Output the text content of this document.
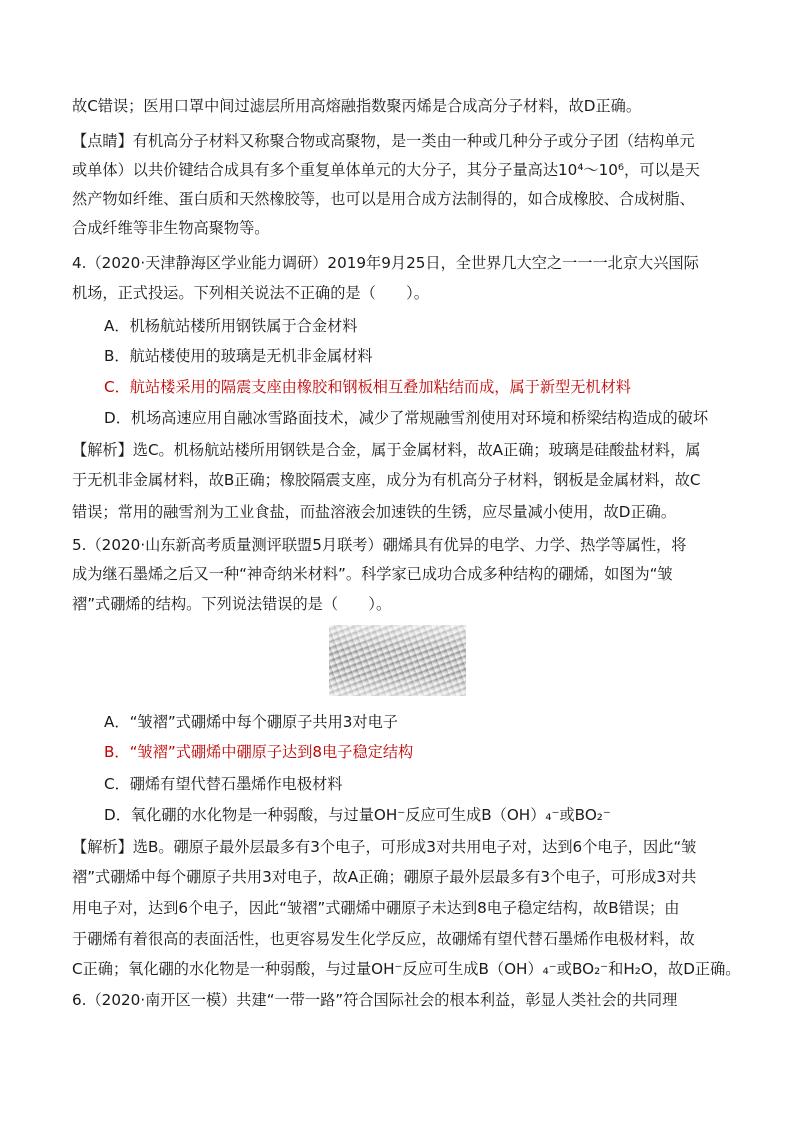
故C错误；医用口罩中间过滤层所用高熔融指数聚丙烯是合成高分子材料，故D正确。
【点睛】有机高分子材料又称聚合物或高聚物，是一类由一种或几种分子或分子团（结构单元
或单体）以共价键结合成具有多个重复单体单元的大分子，其分子量高达10⁴～10⁶，可以是天
然产物如纤维、蛋白质和天然橡胶等，也可以是用合成方法制得的，如合成橡胶、合成树脂、
合成纤维等非生物高聚物等。
4.（2020·天津静海区学业能力调研）2019年9月25日，全世界几大空之一一一北京大兴国际
机场，正式投运。下列相关说法不正确的是（　　）。
A．机杨航站楼所用钢铁属于合金材料
B．航站楼使用的玻璃是无机非金属材料
C．航站楼采用的隔震支座由橡胶和钢板相互叠加粘结而成，属于新型无机材料
D．机场高速应用自融冰雪路面技术，减少了常规融雪剂使用对环境和桥梁结构造成的破坏
【解析】选C。机杨航站楼所用钢铁是合金，属于金属材料，故A正确；玻璃是硅酸盐材料，属
于无机非金属材料，故B正确；橡胶隔震支座，成分为有机高分子材料，钢板是金属材料，故C
错误；常用的融雪剂为工业食盐，而盐溶液会加速铁的生锈，应尽量减小使用，故D正确。
5.（2020·山东新高考质量测评联盟5月联考）硼烯具有优异的电学、力学、热学等属性，将
成为继石墨烯之后又一种“神奇纳米材料”。科学家已成功合成多种结构的硼烯，如图为“皱
褶”式硼烯的结构。下列说法错误的是（　　）。
A．“皱褶”式硼烯中每个硼原子共用3对电子
B．“皱褶”式硼烯中硼原子达到8电子稳定结构
C．硼烯有望代替石墨烯作电极材料
D．氧化硼的水化物是一种弱酸，与过量OH⁻反应可生成B（OH）₄⁻或BO₂⁻
【解析】选B。硼原子最外层最多有3个电子，可形成3对共用电子对，达到6个电子，因此“皱
褶”式硼烯中每个硼原子共用3对电子，故A正确；硼原子最外层最多有3个电子，可形成3对共
用电子对，达到6个电子，因此“皱褶”式硼烯中硼原子未达到8电子稳定结构，故B错误；由
于硼烯有着很高的表面活性，也更容易发生化学反应，故硼烯有望代替石墨烯作电极材料，故
C正确；氧化硼的水化物是一种弱酸，与过量OH⁻反应可生成B（OH）₄⁻或BO₂⁻和H₂O，故D正确。
6.（2020·南开区一模）共建“一带一路”符合国际社会的根本利益，彰显人类社会的共同理
